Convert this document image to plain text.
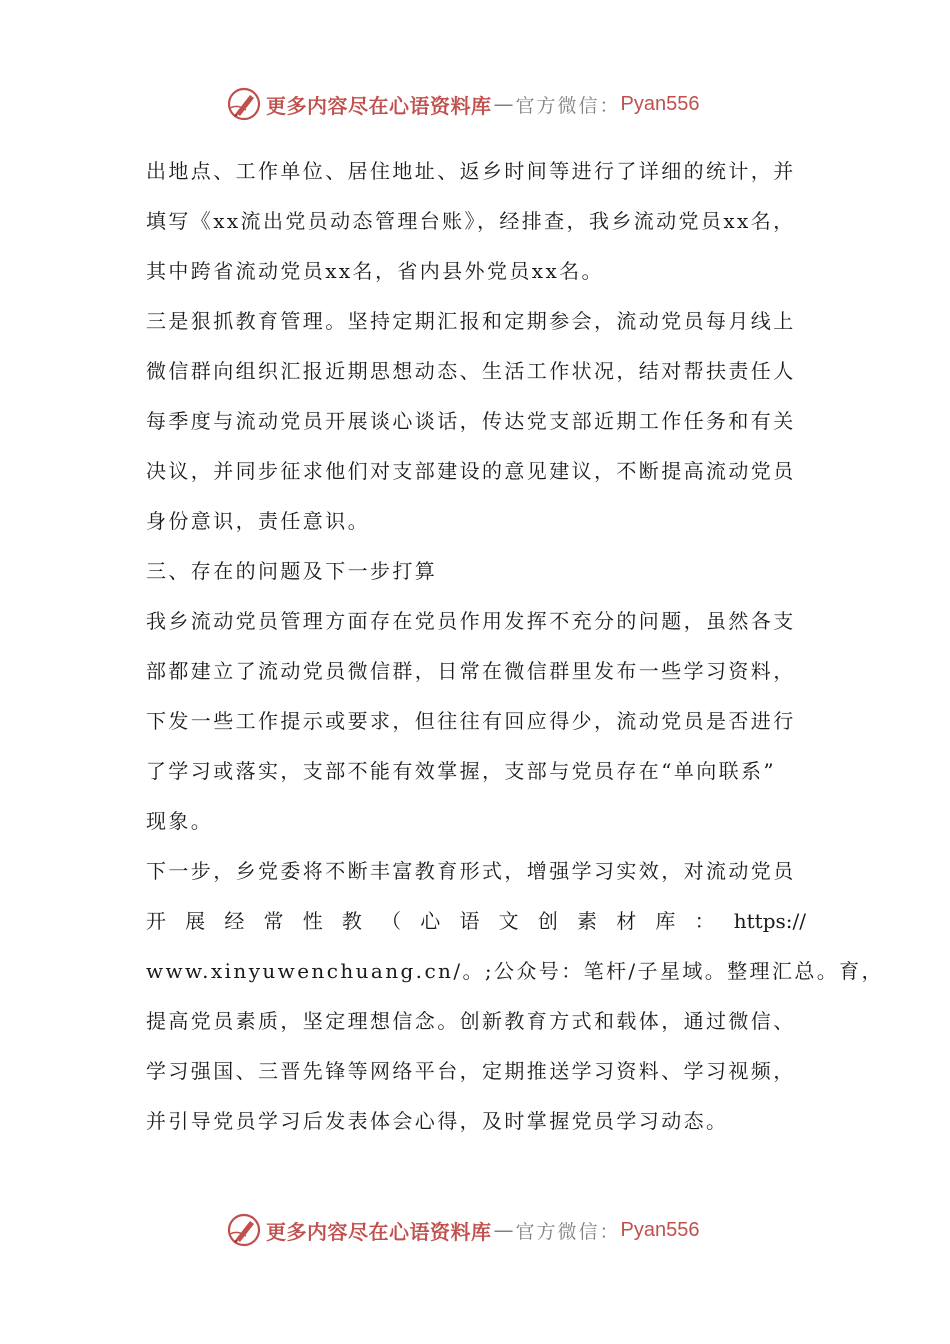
更多内容尽在心语资料库 — 官方微信： Pyan556
出地点、工作单位、居住地址、返乡时间等进行了详细的统计，并
填写《xx流出党员动态管理台账》，经排查，我乡流动党员xx名，
其中跨省流动党员xx名，省内县外党员xx名。
三是狠抓教育管理。坚持定期汇报和定期参会，流动党员每月线上
微信群向组织汇报近期思想动态、生活工作状况，结对帮扶责任人
每季度与流动党员开展谈心谈话，传达党支部近期工作任务和有关
决议，并同步征求他们对支部建设的意见建议，不断提高流动党员
身份意识，责任意识。
三、存在的问题及下一步打算
我乡流动党员管理方面存在党员作用发挥不充分的问题，虽然各支
部都建立了流动党员微信群，日常在微信群里发布一些学习资料，
下发一些工作提示或要求，但往往有回应得少，流动党员是否进行
了学习或落实，支部不能有效掌握，支部与党员存在“单向联系”
现象。
下一步，乡党委将不断丰富教育形式，增强学习实效，对流动党员
开 展 经 常 性 教 （ 心 语 文 创 素 材 库 ： https://
www.xinyuwenchuang.cn/。;公众号：笔杆/子星域。整理汇总。育，
提高党员素质，坚定理想信念。创新教育方式和载体，通过微信、
学习强国、三晋先锋等网络平台，定期推送学习资料、学习视频，
并引导党员学习后发表体会心得，及时掌握党员学习动态。
更多内容尽在心语资料库 — 官方微信： Pyan556
